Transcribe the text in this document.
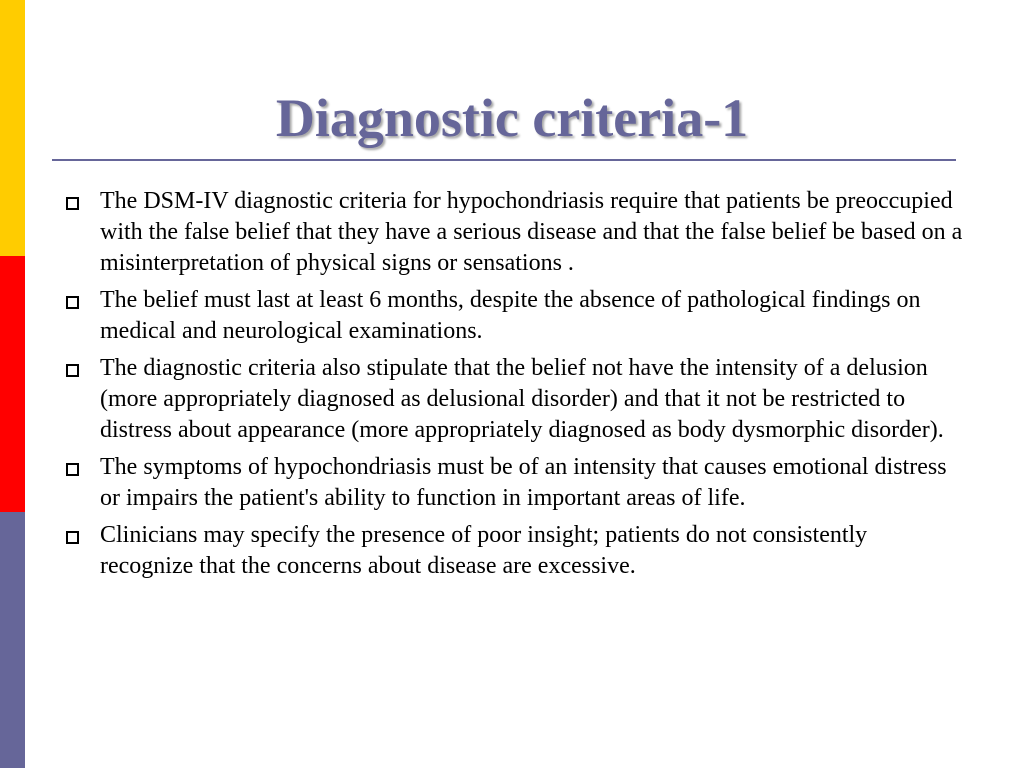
Diagnostic criteria-1
The DSM-IV diagnostic criteria for hypochondriasis require that patients be preoccupied with the false belief that they have a serious disease and that the false belief be based on a misinterpretation of physical signs or sensations .
The belief must last at least 6 months, despite the absence of pathological findings on medical and neurological examinations.
The diagnostic criteria also stipulate that the belief not have the intensity of a delusion (more appropriately diagnosed as delusional disorder) and that it not be restricted to distress about appearance (more appropriately diagnosed as body dysmorphic disorder).
The symptoms of hypochondriasis must be of an intensity that causes emotional distress or impairs the patient's ability to function in important areas of life.
Clinicians may specify the presence of poor insight; patients do not consistently recognize that the concerns about disease are excessive.
